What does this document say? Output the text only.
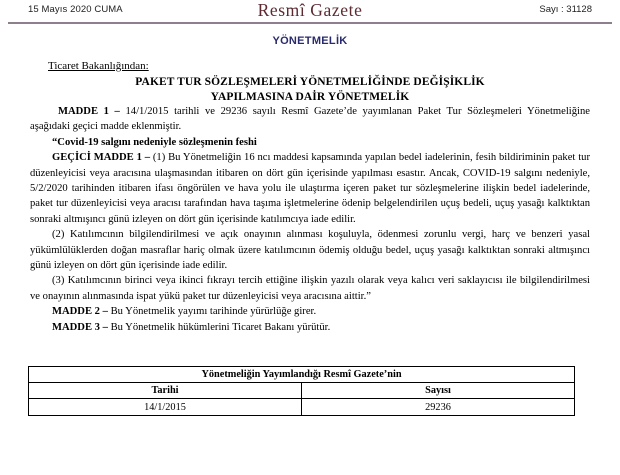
15 Mayıs 2020 CUMA	Resmî Gazete	Sayı : 31128
YÖNETMELİK
Ticaret Bakanlığından:
PAKET TUR SÖZLEŞMELERİ YÖNETMELİĞİNDE DEĞİŞİKLİK
YAPILMASINA DAİR YÖNETMELİK

MADDE 1 – 14/1/2015 tarihli ve 29236 sayılı Resmî Gazete’de yayımlanan Paket Tur Sözleşmeleri Yönetmeliğine aşağıdaki geçici madde eklenmiştir.

“Covid-19 salgını nedeniyle sözleşmenin feshi

GEÇİCİ MADDE 1 – (1) Bu Yönetmeliğin 16 ncı maddesi kapsamında yapılan bedel iadelerinin, fesih bildiriminin paket tur düzenleyicisi veya aracısına ulaşmasından itibaren on dört gün içerisinde yapılması esastır. Ancak, COVID-19 salgını nedeniyle, 5/2/2020 tarihinden itibaren ifası öngörülen ve hava yolu ile ulaştırma içeren paket tur sözleşmelerine ilişkin bedel iadelerinde, paket tur düzenleyicisi veya aracısı tarafından hava taşıma işletmelerine ödenip belgelendirilen uçuş bedeli, uçuş yasağı kalktıktan sonraki altmışıncı günü izleyen on dört gün içerisinde katılımcıya iade edilir.

(2) Katılımcının bilgilendirilmesi ve açık onayının alınması koşuluyla, ödenmesi zorunlu vergi, harç ve benzeri yasal yükümlülüklerden doğan masraflar hariç olmak üzere katılımcının ödemiş olduğu bedel, uçuş yasağı kalktıktan sonraki altmışıncı günü izleyen on dört gün içerisinde iade edilir.

(3) Katılımcının birinci veya ikinci fıkrayı tercih ettiğine ilişkin yazılı olarak veya kalıcı veri saklayıcısı ile bilgilendirilmesi ve onayının alınmasında ispat yükü paket tur düzenleyicisi veya aracısına aittir.”

MADDE 2 – Bu Yönetmelik yayımı tarihinde yürürlüğe girer.

MADDE 3 – Bu Yönetmelik hükümlerini Ticaret Bakanı yürütür.

Yönetmeliğin Yayımlandığı Resmî Gazete’nin	
Tarihi	Sayısı
14/1/2015	29236
